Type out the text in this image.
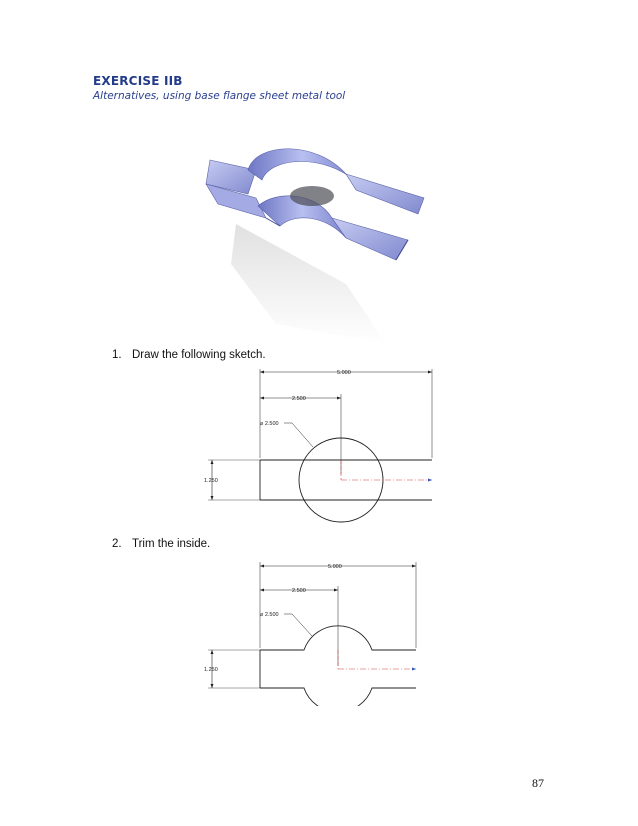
EXERCISE IIB
Alternatives, using base flange sheet metal tool
1. Draw the following sketch.
5.000
2.500
⌀ 2.500
1.250
2. Trim the inside.
5.000
2.500
⌀ 2.500
1.250
87
